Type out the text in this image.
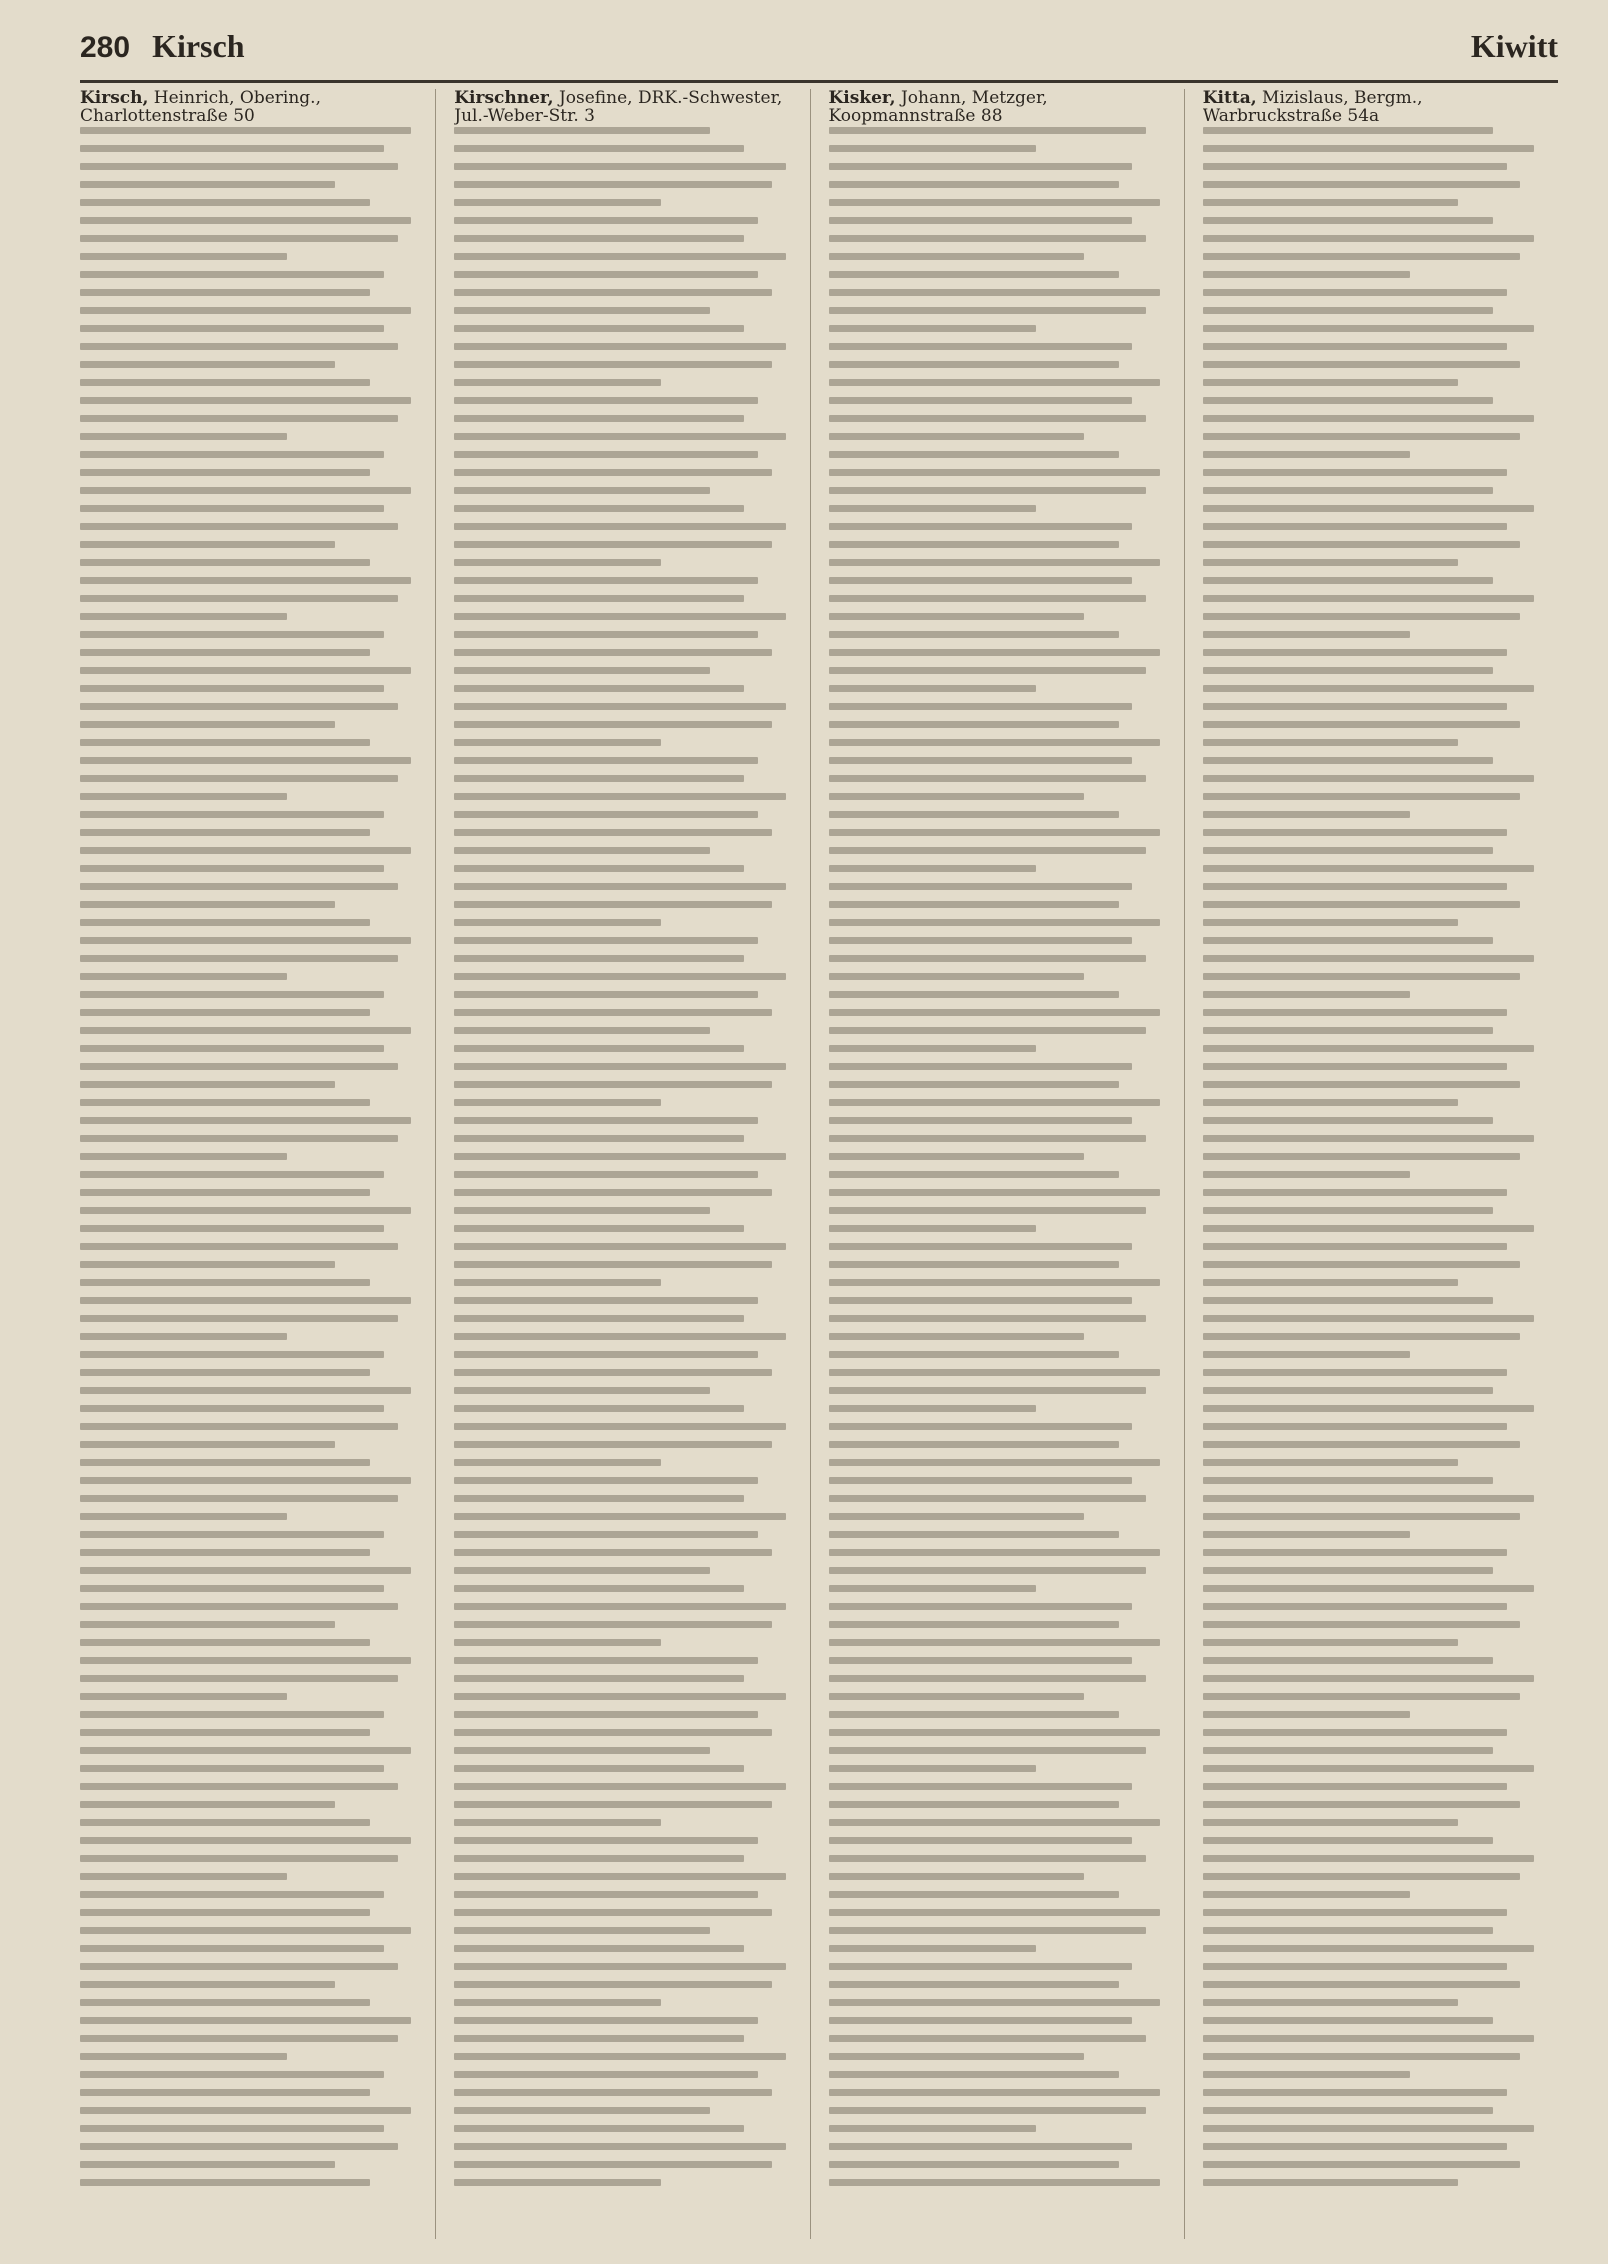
280 Kirsch	Kiwitt
Kirsch, Heinrich, Obering., Charlottenstraße 50
Kirschner, Josefine, DRK.-Schwester, Jul.-Weber-Str. 3
Kisker, Johann, Metzger, Koopmannstraße 88
Kitta, Mizislaus, Bergm., Warbruckstraße 54a
